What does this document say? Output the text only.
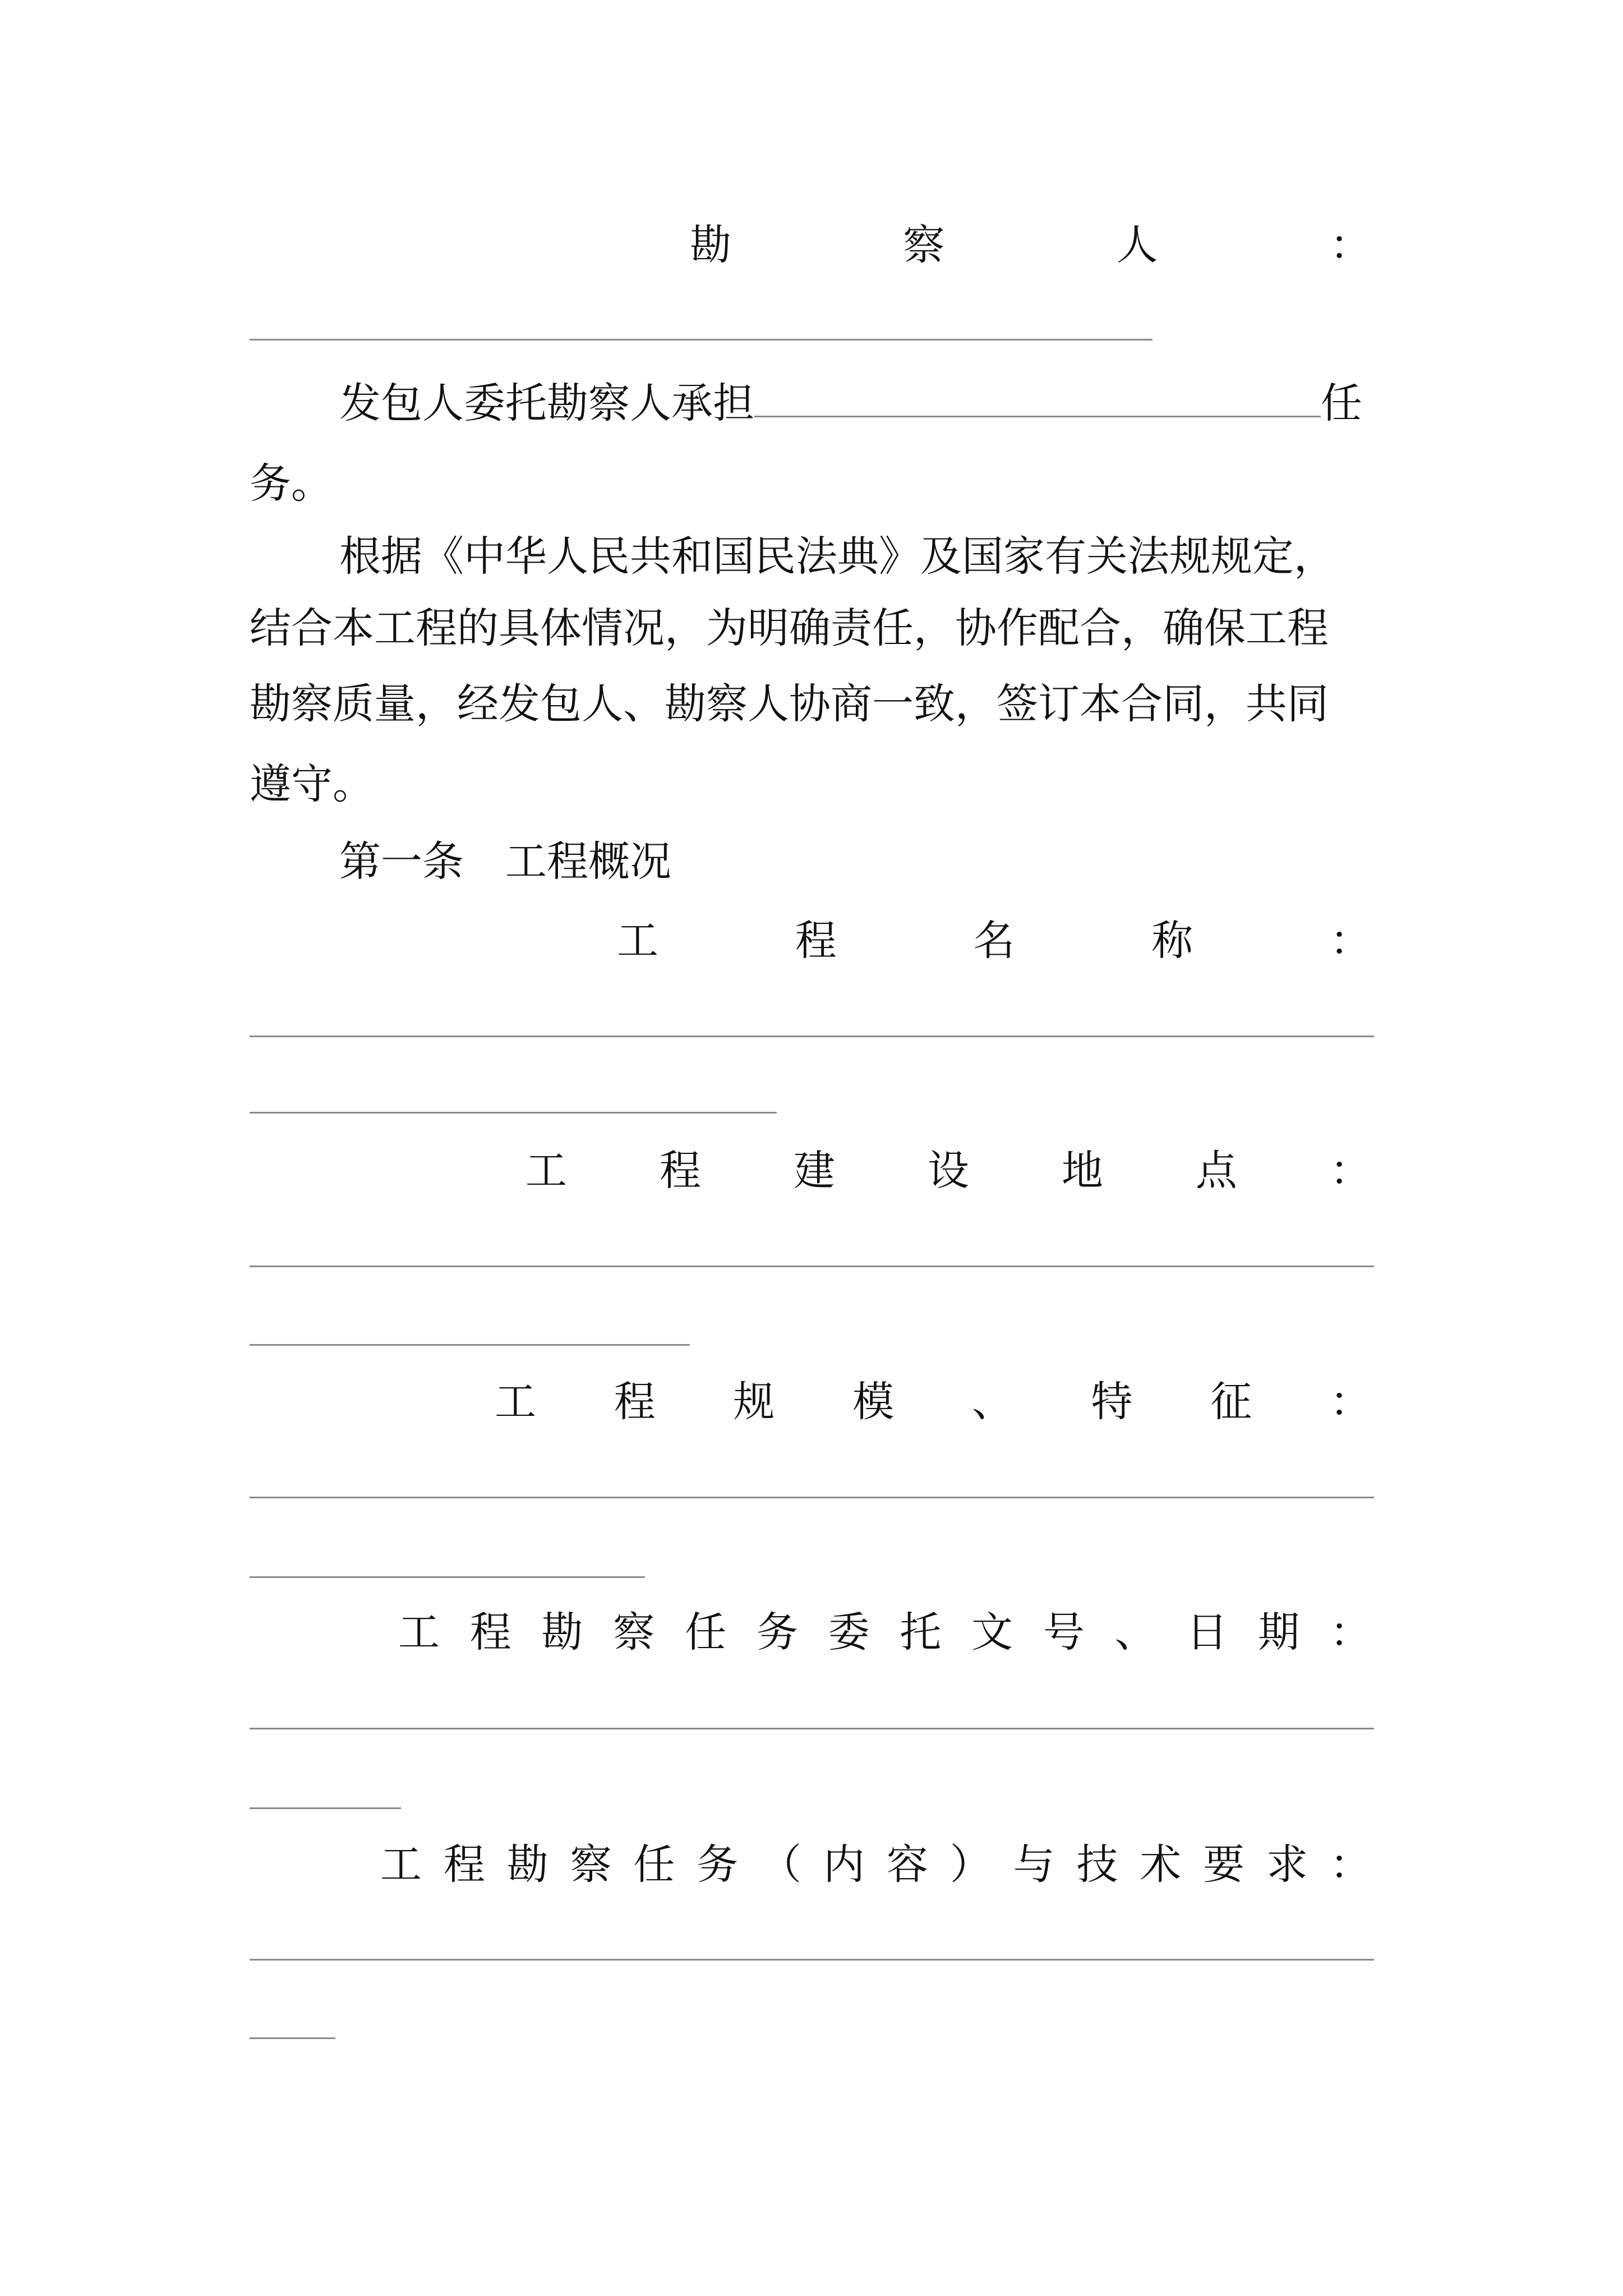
勘	察	人	：
发包人委托勘察人承担	任
务。
根据《中华人民共和国民法典》及国家有关法规规定，
结合本工程的具体情况，为明确责任，协作配合，确保工程
勘察质量，经发包人、勘察人协商一致，签订本合同，共同
遵守。
第一条　工程概况
工	程	名	称	：
工 程 建 设 地 点 ：
工 程 规 模 、 特 征 ：
工 程 勘 察 任 务 委 托 文 号 、 日 期 ：
工 程 勘 察 任 务 （ 内 容 ） 与 技 术 要 求 ：
